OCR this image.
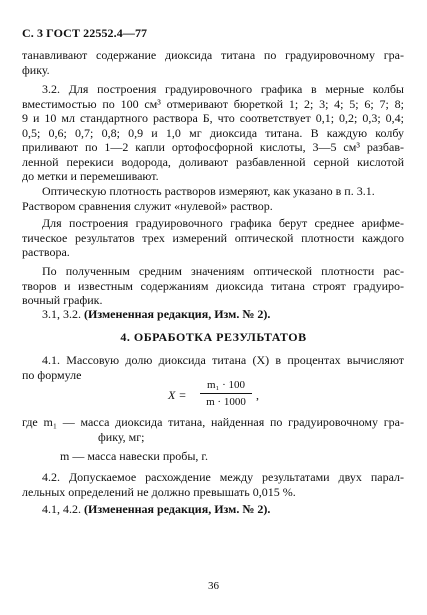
С. 3 ГОСТ 22552.4—77
танавливают содержание диоксида титана по градуировочному гра-
фику.
3.2. Для построения градуировочного графика в мерные колбы
вместимостью по 100 см³ отмеривают бюреткой 1; 2; 3; 4; 5; 6; 7; 8;
9 и 10 мл стандартного раствора Б, что соответствует 0,1; 0,2; 0,3; 0,4;
0,5; 0,6; 0,7; 0,8; 0,9 и 1,0 мг диоксида титана. В каждую колбу
приливают по 1—2 капли ортофосфорной кислоты, 3—5 см³ разбав-
ленной перекиси водорода, доливают разбавленной серной кислотой
до метки и перемешивают.
Оптическую плотность растворов измеряют, как указано в п. 3.1.
Раствором сравнения служит «нулевой» раствор.
Для построения градуировочного графика берут среднее арифме-
тическое результатов трех измерений оптической плотности каждого
раствора.
По полученным средним значениям оптической плотности рас-
творов и известным содержаниям диоксида титана строят градуиро-
вочный график.
3.1, 3.2. (Измененная редакция, Изм. № 2).
4. ОБРАБОТКА РЕЗУЛЬТАТОВ
4.1. Массовую долю диоксида титана (X) в процентах вычисляют
по формуле
X =
m₁ · 100
m · 1000 ,
где m₁ — масса диоксида титана, найденная по градуировочному гра-
фику, мг;
m — масса навески пробы, г.
4.2. Допускаемое расхождение между результатами двух парал-
лельных определений не должно превышать 0,015 %.
4.1, 4.2. (Измененная редакция, Изм. № 2).
36
